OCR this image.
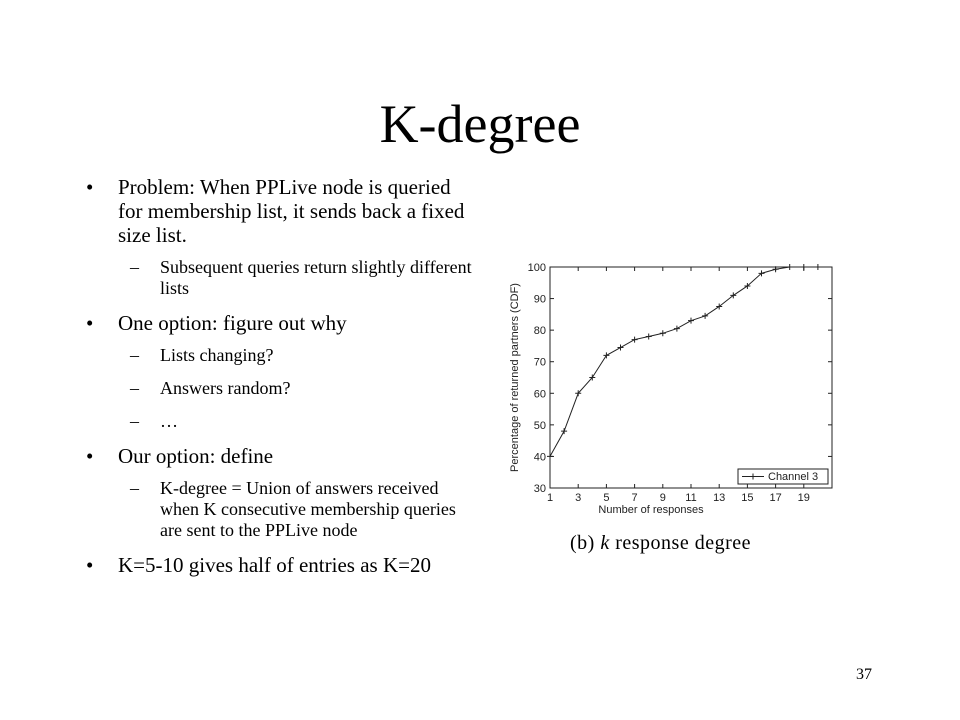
K-degree
• Problem: When PPLive node is queried for membership list, it sends back a fixed size list.
– Subsequent queries return slightly different lists
• One option: figure out why
– Lists changing?
– Answers random?
– …
• Our option: define
– K-degree = Union of answers received when K consecutive membership queries are sent to the PPLive node
• K=5-10 gives half of entries as K=20
1 3 5 7 9 11 13 15 17 19
30
40
50
60
70
80
90
100
Number of responses
Percentage of returned partners (CDF)
Channel 3
(b) k response degree
37
